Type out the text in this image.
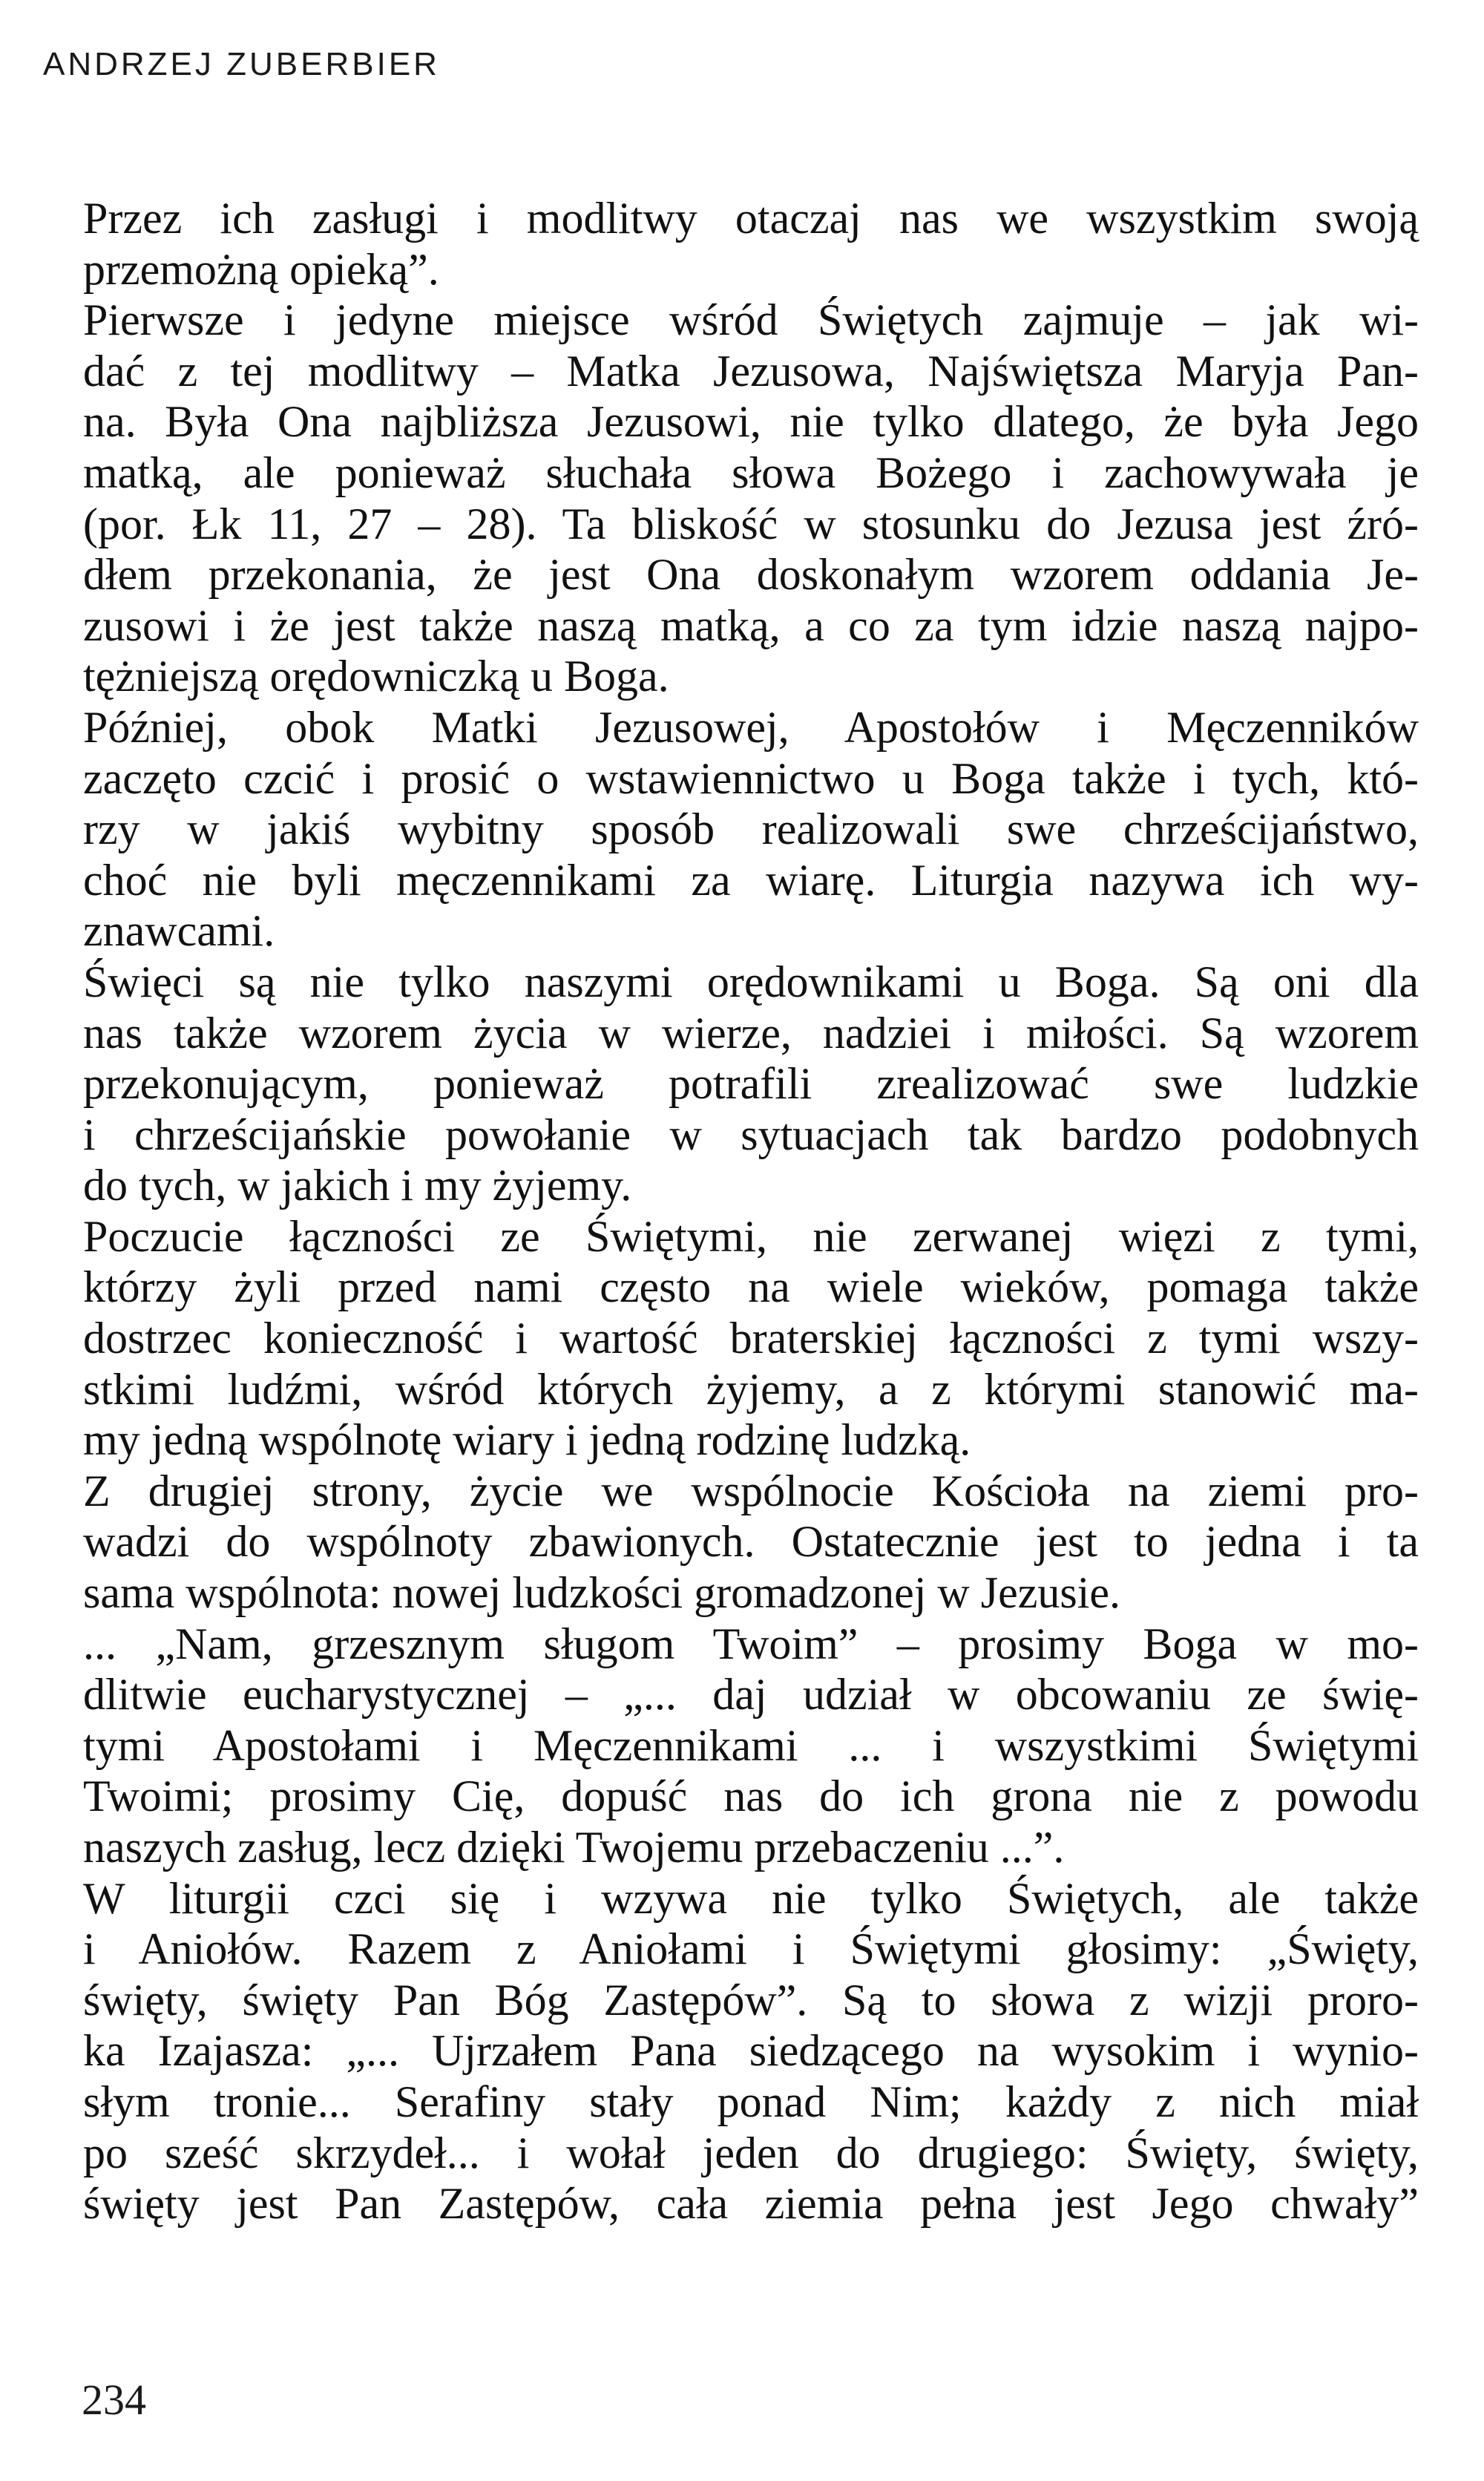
ANDRZEJ ZUBERBIER
Przez ich zasługi i modlitwy otaczaj nas we wszystkim swoją
przemożną opieką”.
Pierwsze i jedyne miejsce wśród Świętych zajmuje – jak wi-
dać z tej modlitwy – Matka Jezusowa, Najświętsza Maryja Pan-
na. Była Ona najbliższa Jezusowi, nie tylko dlatego, że była Jego
matką, ale ponieważ słuchała słowa Bożego i zachowywała je
(por. Łk 11, 27 – 28). Ta bliskość w stosunku do Jezusa jest źró-
dłem przekonania, że jest Ona doskonałym wzorem oddania Je-
zusowi i że jest także naszą matką, a co za tym idzie naszą najpo-
tężniejszą orędowniczką u Boga.
Później, obok Matki Jezusowej, Apostołów i Męczenników
zaczęto czcić i prosić o wstawiennictwo u Boga także i tych, któ-
rzy w jakiś wybitny sposób realizowali swe chrześcijaństwo,
choć nie byli męczennikami za wiarę. Liturgia nazywa ich wy-
znawcami.
Święci są nie tylko naszymi orędownikami u Boga. Są oni dla
nas także wzorem życia w wierze, nadziei i miłości. Są wzorem
przekonującym, ponieważ potrafili zrealizować swe ludzkie
i chrześcijańskie powołanie w sytuacjach tak bardzo podobnych
do tych, w jakich i my żyjemy.
Poczucie łączności ze Świętymi, nie zerwanej więzi z tymi,
którzy żyli przed nami często na wiele wieków, pomaga także
dostrzec konieczność i wartość braterskiej łączności z tymi wszy-
stkimi ludźmi, wśród których żyjemy, a z którymi stanowić ma-
my jedną wspólnotę wiary i jedną rodzinę ludzką.
Z drugiej strony, życie we wspólnocie Kościoła na ziemi pro-
wadzi do wspólnoty zbawionych. Ostatecznie jest to jedna i ta
sama wspólnota: nowej ludzkości gromadzonej w Jezusie.
... „Nam, grzesznym sługom Twoim” – prosimy Boga w mo-
dlitwie eucharystycznej – „... daj udział w obcowaniu ze świę-
tymi Apostołami i Męczennikami ... i wszystkimi Świętymi
Twoimi; prosimy Cię, dopuść nas do ich grona nie z powodu
naszych zasług, lecz dzięki Twojemu przebaczeniu ...”.
W liturgii czci się i wzywa nie tylko Świętych, ale także
i Aniołów. Razem z Aniołami i Świętymi głosimy: „Święty,
święty, święty Pan Bóg Zastępów”. Są to słowa z wizji proro-
ka Izajasza: „... Ujrzałem Pana siedzącego na wysokim i wynio-
słym tronie... Serafiny stały ponad Nim; każdy z nich miał
po sześć skrzydeł... i wołał jeden do drugiego: Święty, święty,
święty jest Pan Zastępów, cała ziemia pełna jest Jego chwały”
234
